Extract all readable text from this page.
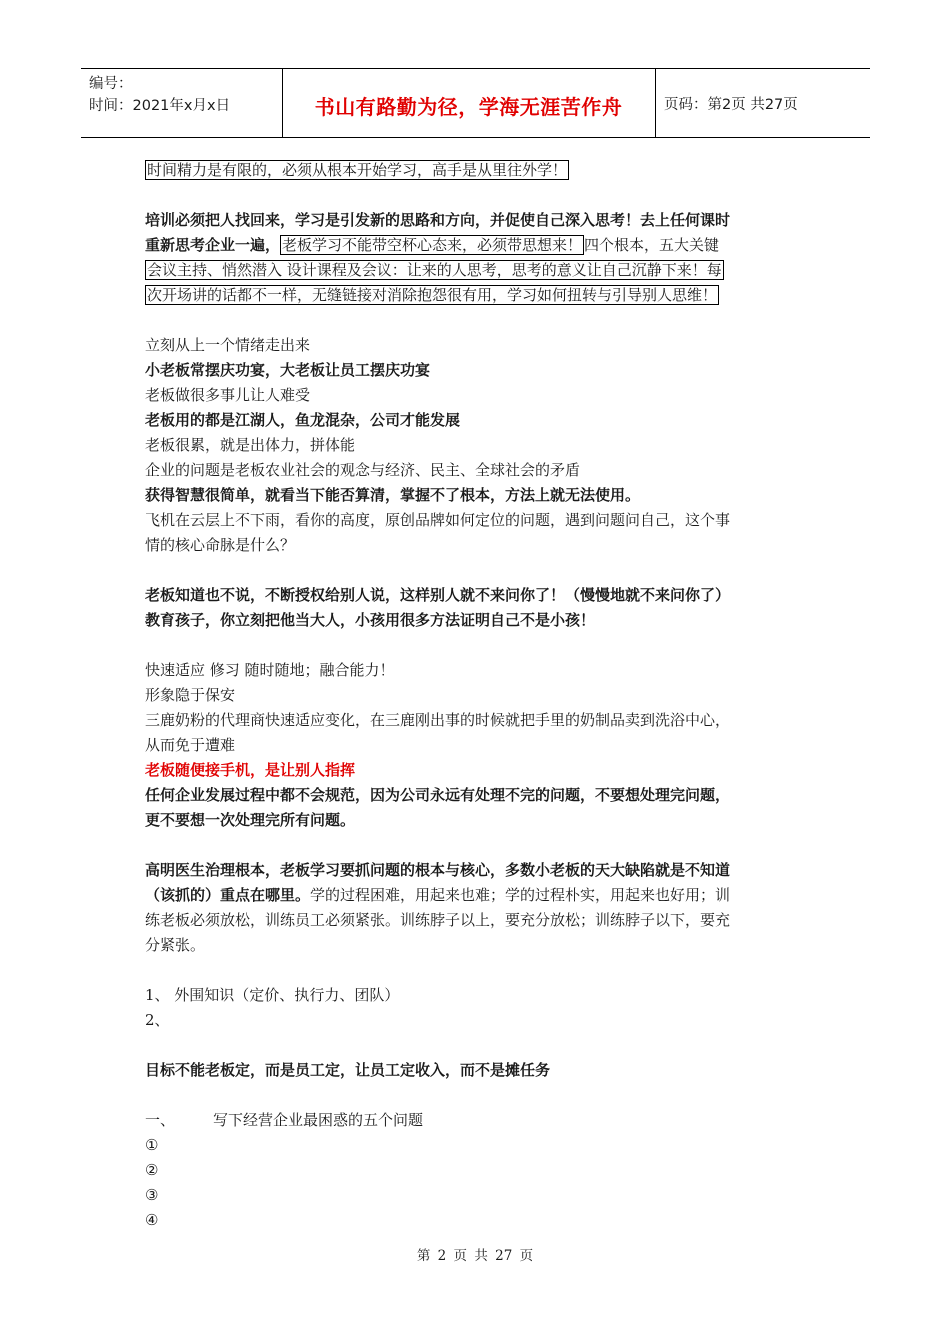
编号：
时间：2021年x月x日	书山有路勤为径，学海无涯苦作舟	页码：第2页 共27页
时间精力是有限的，必须从根本开始学习，高手是从里往外学！
培训必须把人找回来，学习是引发新的思路和方向，并促使自己深入思考！去上任何课时
重新思考企业一遍， 老板学习不能带空杯心态来，必须带思想来！ 四个根本，五大关键
会议主持、悄然潜入 设计课程及会议：让来的人思考，思考的意义让自己沉静下来！每
次开场讲的话都不一样，无缝链接对消除抱怨很有用，学习如何扭转与引导别人思维！
立刻从上一个情绪走出来
小老板常摆庆功宴，大老板让员工摆庆功宴
老板做很多事儿让人难受
老板用的都是江湖人，鱼龙混杂，公司才能发展
老板很累，就是出体力，拼体能
企业的问题是老板农业社会的观念与经济、民主、全球社会的矛盾
获得智慧很简单，就看当下能否算清，掌握不了根本，方法上就无法使用。
飞机在云层上不下雨，看你的高度，原创品牌如何定位的问题，遇到问题问自己，这个事
情的核心命脉是什么？
老板知道也不说，不断授权给别人说，这样别人就不来问你了！（慢慢地就不来问你了）
教育孩子，你立刻把他当大人，小孩用很多方法证明自己不是小孩！
快速适应 修习 随时随地；融合能力！
形象隐于保安
三鹿奶粉的代理商快速适应变化，在三鹿刚出事的时候就把手里的奶制品卖到洗浴中心，
从而免于遭难
老板随便接手机，是让别人指挥
任何企业发展过程中都不会规范，因为公司永远有处理不完的问题，不要想处理完问题，
更不要想一次处理完所有问题。
高明医生治理根本，老板学习要抓问题的根本与核心，多数小老板的天大缺陷就是不知道
（该抓的）重点在哪里。学的过程困难，用起来也难；学的过程朴实，用起来也好用；训
练老板必须放松，训练员工必须紧张。训练脖子以上，要充分放松；训练脖子以下，要充
分紧张。
1、 外围知识（定价、执行力、团队）
2、
目标不能老板定，而是员工定，让员工定收入，而不是摊任务
一、	写下经营企业最困惑的五个问题
①
②
③
④
第 2 页 共 27 页
